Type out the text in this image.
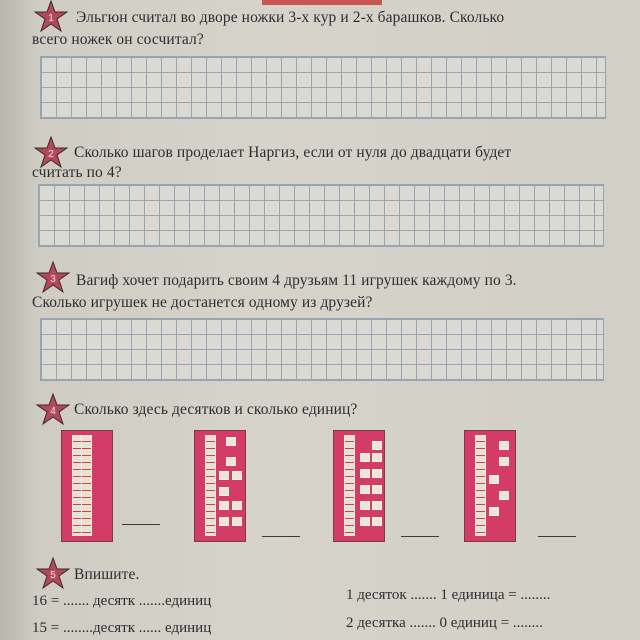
1 Эльгюн считал во дворе ножки 3-х кур и 2-х барашков. Сколько
всего ножек он сосчитал?
2 Сколько шагов проделает Наргиз, если от нуля до двадцати будет
считать по 4?
3 Вагиф хочет подарить своим 4 друзьям 11 игрушек каждому по 3.
Сколько игрушек не достанется одному из друзей?
4 Сколько здесь десятков и сколько единиц?
5 Впишите.
16 = ....... десятк .......единиц
15 = ........десятк ...... единиц
1 десяток ....... 1 единица = ........
2 десятка ....... 0 единиц = ........
